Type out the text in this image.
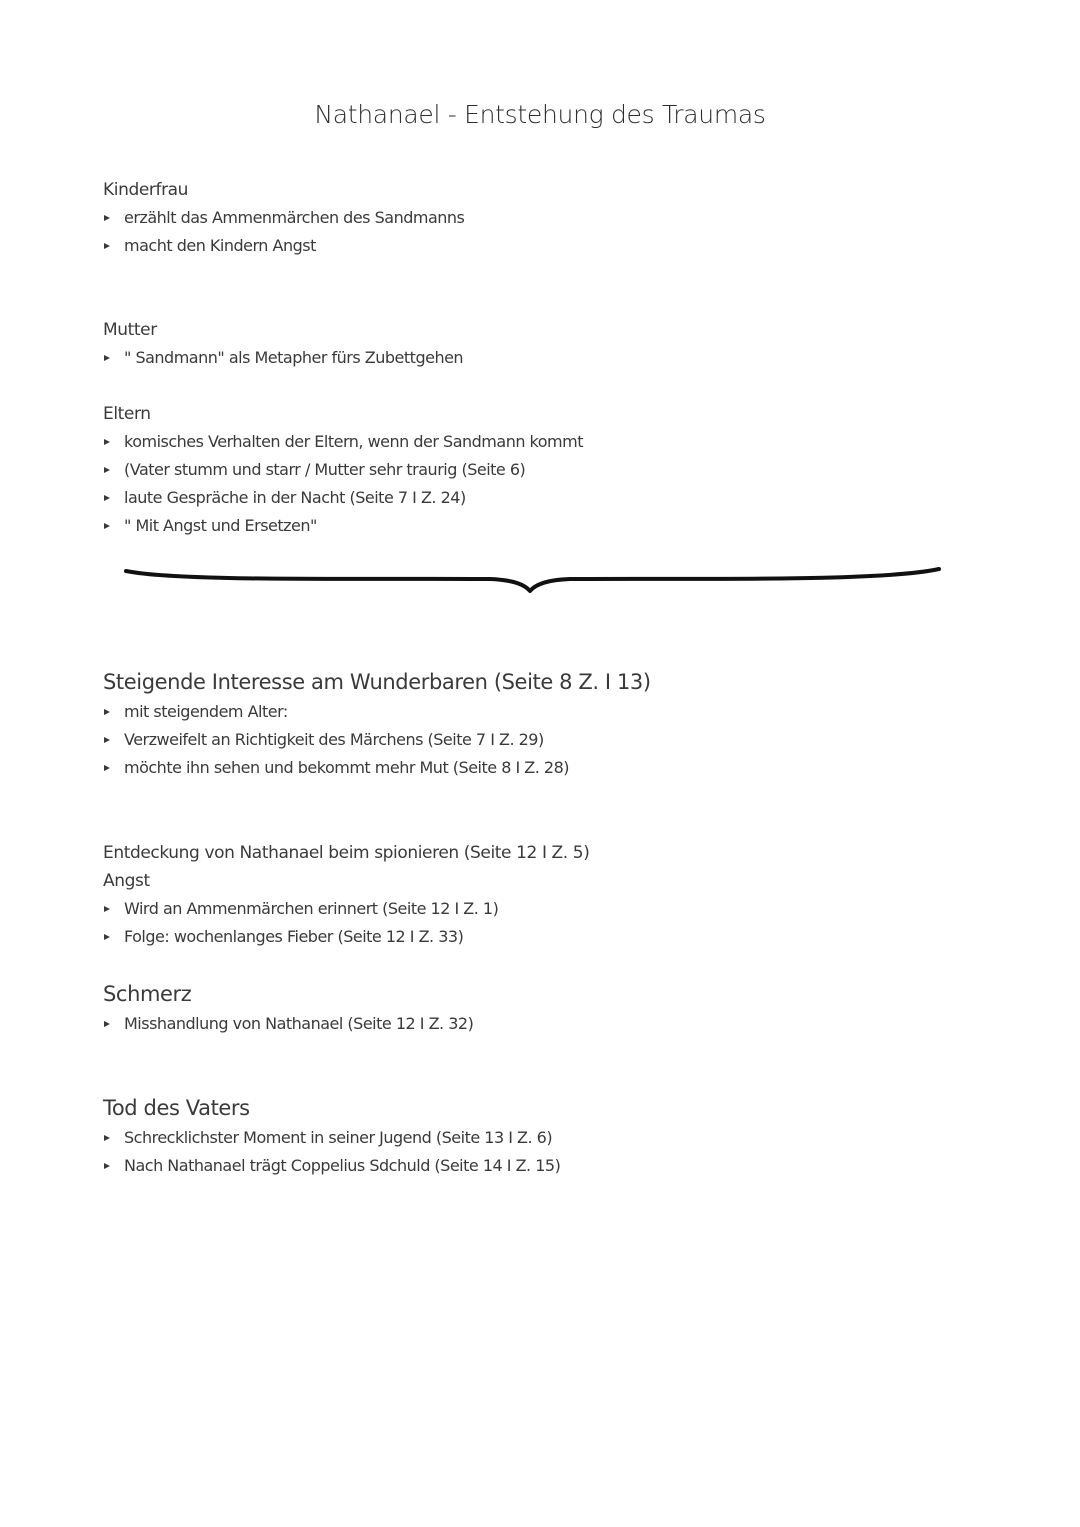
Nathanael - Entstehung des Traumas
Kinderfrau
erzählt das Ammenmärchen des Sandmanns
macht den Kindern Angst
Mutter
" Sandmann" als Metapher fürs Zubettgehen
Eltern
komisches Verhalten der Eltern, wenn der Sandmann kommt
(Vater stumm und starr / Mutter sehr traurig (Seite 6)
laute Gespräche in der Nacht (Seite 7 I Z. 24)
" Mit Angst und Ersetzen"
Steigende Interesse am Wunderbaren (Seite 8 Z. I 13)
mit steigendem Alter:
Verzweifelt an Richtigkeit des Märchens (Seite 7 I Z. 29)
möchte ihn sehen und bekommt mehr Mut (Seite 8 I Z. 28)
Entdeckung von Nathanael beim spionieren (Seite 12 I Z. 5)
Angst
Wird an Ammenmärchen erinnert (Seite 12 I Z. 1)
Folge: wochenlanges Fieber (Seite 12 I Z. 33)
Schmerz
Misshandlung von Nathanael (Seite 12 I Z. 32)
Tod des Vaters
Schrecklichster Moment in seiner Jugend (Seite 13 I Z. 6)
Nach Nathanael trägt Coppelius Sdchuld (Seite 14 I Z. 15)
